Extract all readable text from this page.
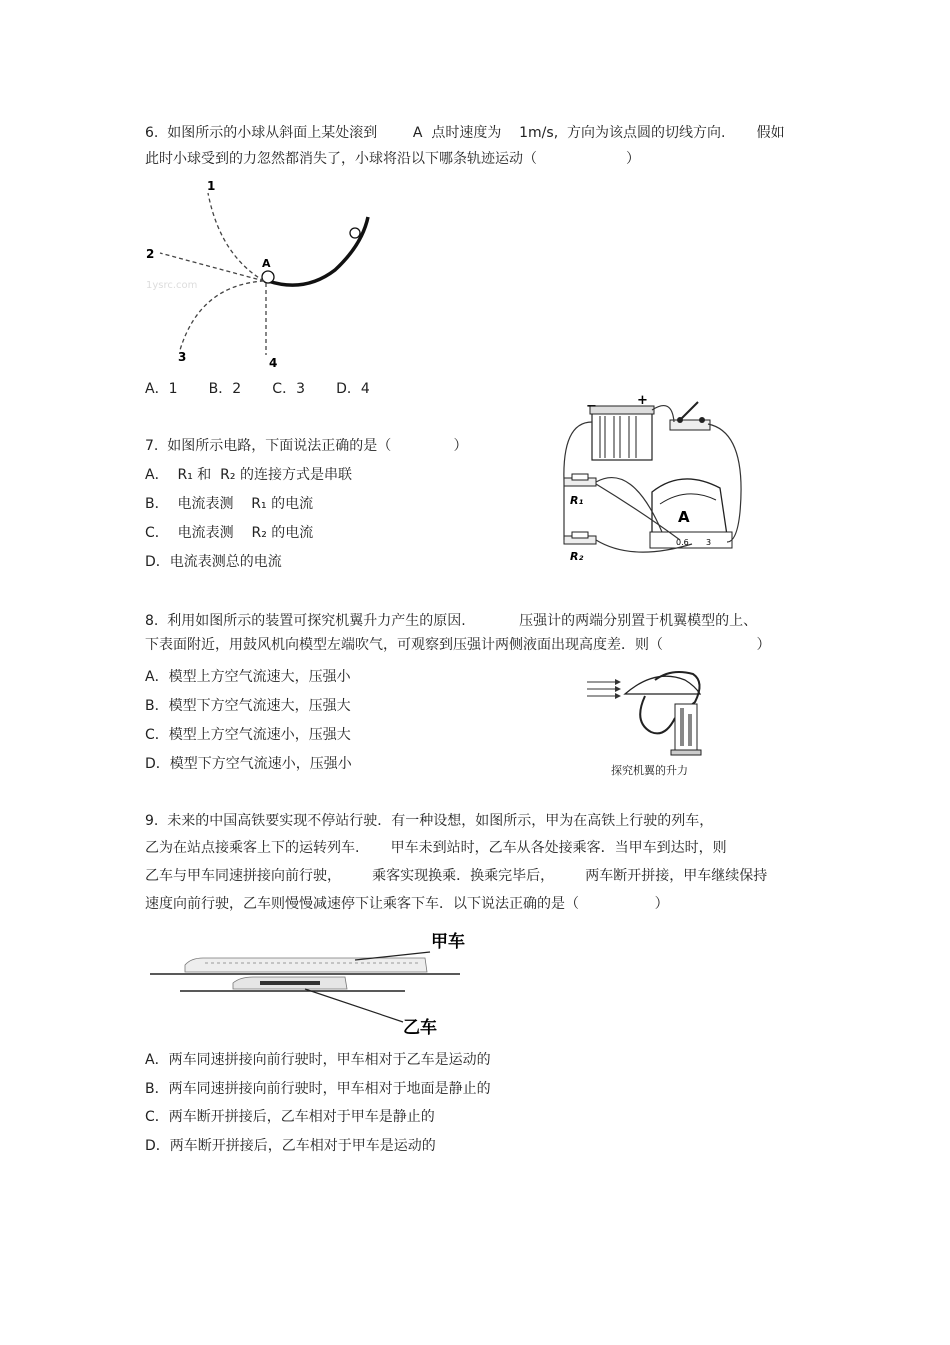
6.  如图所示的小球从斜面上某处滚到        A  点时速度为    1m/s,  方向为该点圆的切线方向.       假如
此时小球受到的力忽然都消失了，小球将沿以下哪条轨迹运动（                    ）
1
2
A
3	4
1ysrc.com
A．1       B．2       C．3       D．4
7.  如图所示电路，下面说法正确的是（              ）
A．  R₁ 和  R₂ 的连接方式是串联
B．  电流表测    R₁ 的电流
C．  电流表测    R₂ 的电流
D．电流表测总的电流
−	+
R₁
R₂
A
0.6 3
8.  利用如图所示的装置可探究机翼升力产生的原因.            压强计的两端分别置于机翼模型的上、
下表面附近，用鼓风机向模型左端吹气，可观察到压强计两侧液面出现高度差．则（                     ）
A．模型上方空气流速大，压强小
B．模型下方空气流速大，压强大
C．模型上方空气流速小，压强大
D．模型下方空气流速小，压强小	探究机翼的升力
9.  未来的中国高铁要实现不停站行驶．有一种设想，如图所示，甲为在高铁上行驶的列车，
乙为在站点接乘客上下的运转列车.       甲车未到站时，乙车从各处接乘客．当甲车到达时，则
乙车与甲车同速拼接向前行驶，       乘客实现换乘．换乘完毕后，       两车断开拼接，甲车继续保持
速度向前行驶，乙车则慢慢减速停下让乘客下车．以下说法正确的是（                 ）
甲车
乙车
A．两车同速拼接向前行驶时，甲车相对于乙车是运动的
B．两车同速拼接向前行驶时，甲车相对于地面是静止的
C．两车断开拼接后，乙车相对于甲车是静止的
D．两车断开拼接后，乙车相对于甲车是运动的
